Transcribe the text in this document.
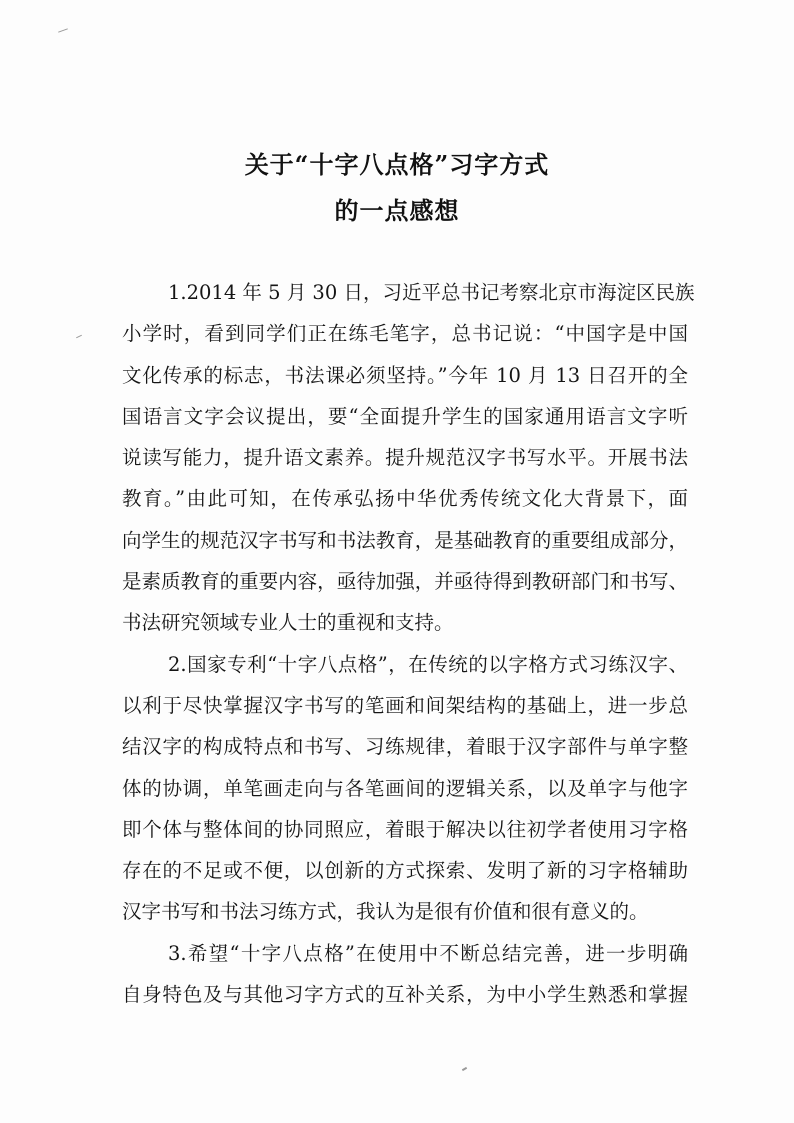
关于“十字八点格”习字方式
的一点感想
1.2014 年 5 月 30 日，习近平总书记考察北京市海淀区民族
小学时，看到同学们正在练毛笔字，总书记说：“中国字是中国
文化传承的标志，书法课必须坚持。”今年 10 月 13 日召开的全
国语言文字会议提出，要“全面提升学生的国家通用语言文字听
说读写能力，提升语文素养。提升规范汉字书写水平。开展书法
教育。”由此可知，在传承弘扬中华优秀传统文化大背景下，面
向学生的规范汉字书写和书法教育，是基础教育的重要组成部分，
是素质教育的重要内容，亟待加强，并亟待得到教研部门和书写、
书法研究领域专业人士的重视和支持。
2.国家专利“十字八点格”，在传统的以字格方式习练汉字、
以利于尽快掌握汉字书写的笔画和间架结构的基础上，进一步总
结汉字的构成特点和书写、习练规律，着眼于汉字部件与单字整
体的协调，单笔画走向与各笔画间的逻辑关系，以及单字与他字
即个体与整体间的协同照应，着眼于解决以往初学者使用习字格
存在的不足或不便，以创新的方式探索、发明了新的习字格辅助
汉字书写和书法习练方式，我认为是很有价值和很有意义的。
3.希望“十字八点格”在使用中不断总结完善，进一步明确
自身特色及与其他习字方式的互补关系，为中小学生熟悉和掌握
